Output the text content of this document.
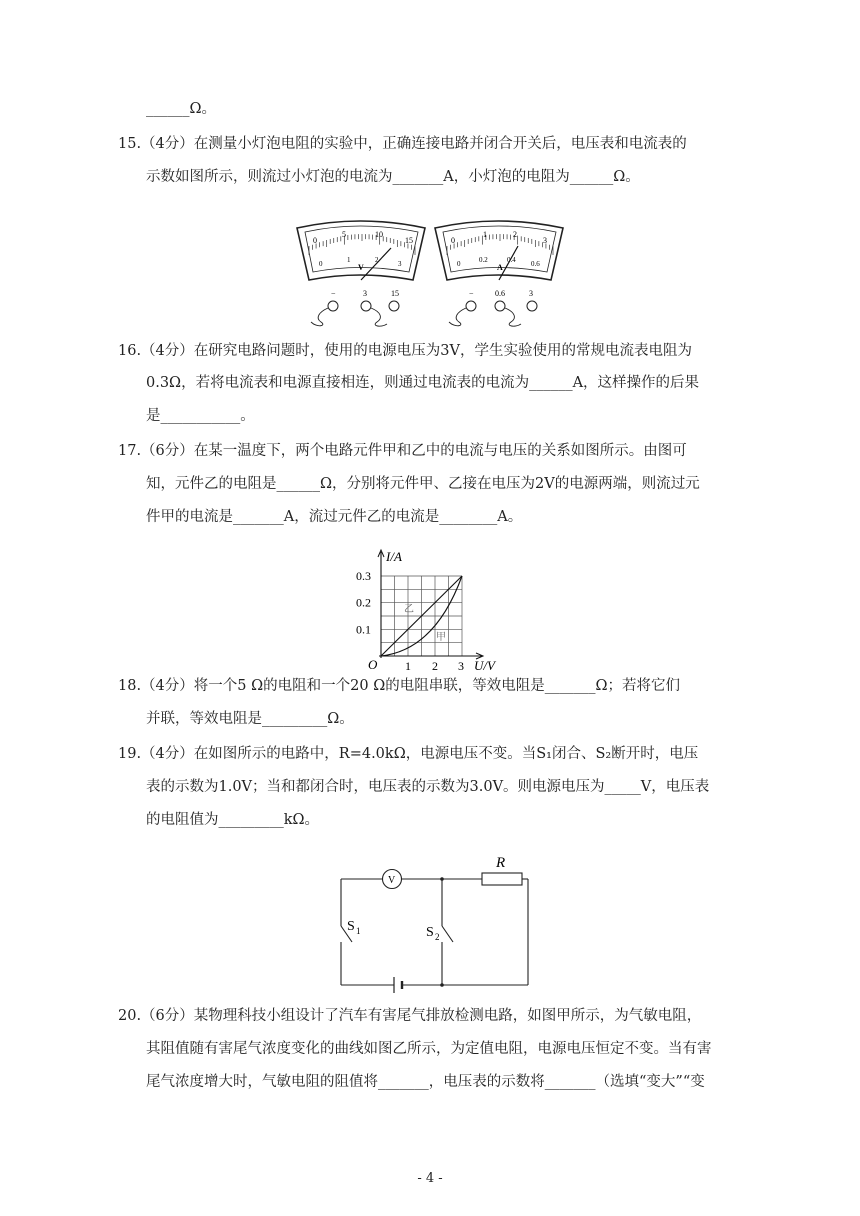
______Ω。
15.（4分）在测量小灯泡电阻的实验中，正确连接电路并闭合开关后，电压表和电流表的
示数如图所示，则流过小灯泡的电流为_______A，小灯泡的电阻为______Ω。
16.（4分）在研究电路问题时，使用的电源电压为3V，学生实验使用的常规电流表电阻为
0.3Ω，若将电流表和电源直接相连，则通过电流表的电流为______A，这样操作的后果
是___________。
17.（6分）在某一温度下，两个电路元件甲和乙中的电流与电压的关系如图所示。由图可
知，元件乙的电阻是______Ω，分别将元件甲、乙接在电压为2V的电源两端，则流过元
件甲的电流是_______A，流过元件乙的电流是________A。
18.（4分）将一个5 Ω的电阻和一个20 Ω的电阻串联，等效电阻是_______Ω；若将它们
并联，等效电阻是_________Ω。
19.（4分）在如图所示的电路中，R=4.0kΩ，电源电压不变。当S₁闭合、S₂断开时，电压
表的示数为1.0V；当和都闭合时，电压表的示数为3.0V。则电源电压为_____V，电压表
的电阻值为_________kΩ。
20.（6分）某物理科技小组设计了汽车有害尾气排放检测电路，如图甲所示，为气敏电阻，
其阻值随有害尾气浓度变化的曲线如图乙所示，为定值电阻，电源电压恒定不变。当有害
尾气浓度增大时，气敏电阻的阻值将_______，电压表的示数将_______（选填“变大”“变
0
5	10
15
0	1	2	3
V
−	3	15
0
1	2
3
0	0.2	0.4 0.6
A
−	0.6	3
乙
甲
I/A
0.3
0.2
0.1
O 1 2 3 U/V
V
R
S 1	S 2
- 4 -
